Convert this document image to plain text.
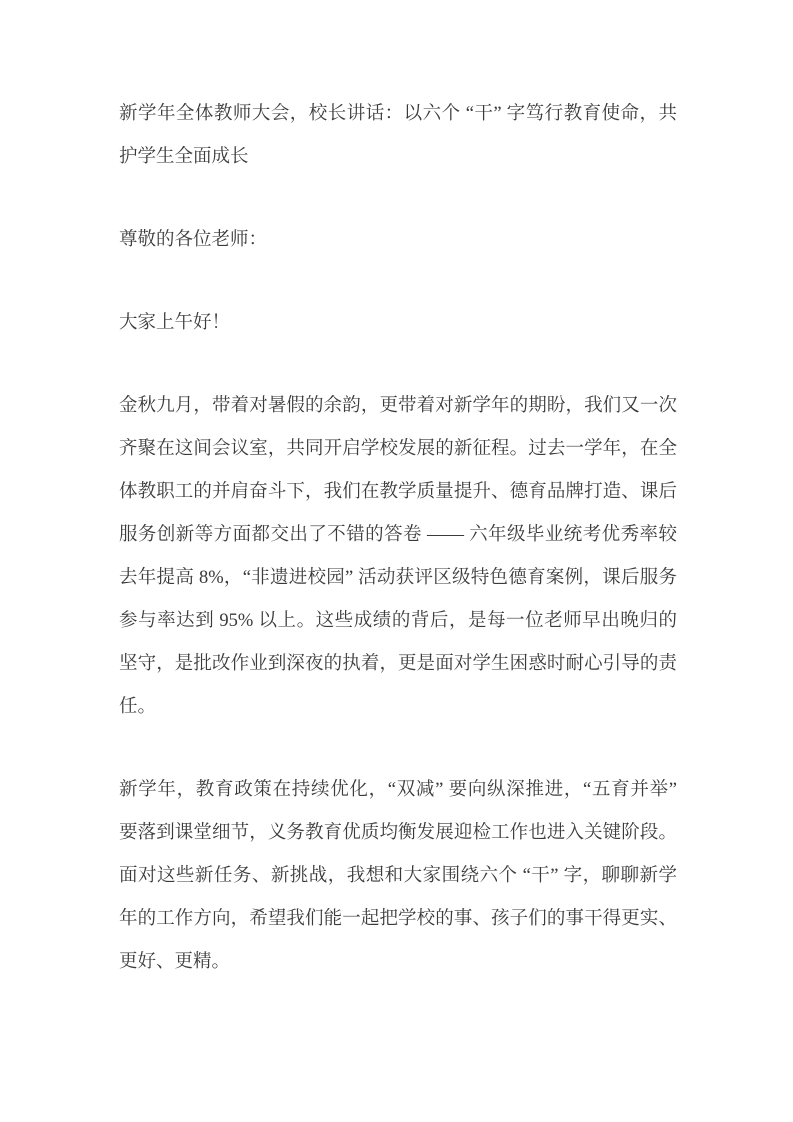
新学年全体教师大会，校长讲话：以六个 “干” 字笃行教育使命，共护学生全面成长

尊敬的各位老师：

大家上午好！

金秋九月，带着对暑假的余韵，更带着对新学年的期盼，我们又一次齐聚在这间会议室，共同开启学校发展的新征程。过去一学年，在全体教职工的并肩奋斗下，我们在教学质量提升、德育品牌打造、课后服务创新等方面都交出了不错的答卷 —— 六年级毕业统考优秀率较去年提高 8%，“非遗进校园” 活动获评区级特色德育案例，课后服务参与率达到 95% 以上。这些成绩的背后，是每一位老师早出晚归的坚守，是批改作业到深夜的执着，更是面对学生困惑时耐心引导的责任。

新学年，教育政策在持续优化，“双减” 要向纵深推进，“五育并举” 要落到课堂细节，义务教育优质均衡发展迎检工作也进入关键阶段。面对这些新任务、新挑战，我想和大家围绕六个 “干” 字，聊聊新学年的工作方向，希望我们能一起把学校的事、孩子们的事干得更实、更好、更精。
